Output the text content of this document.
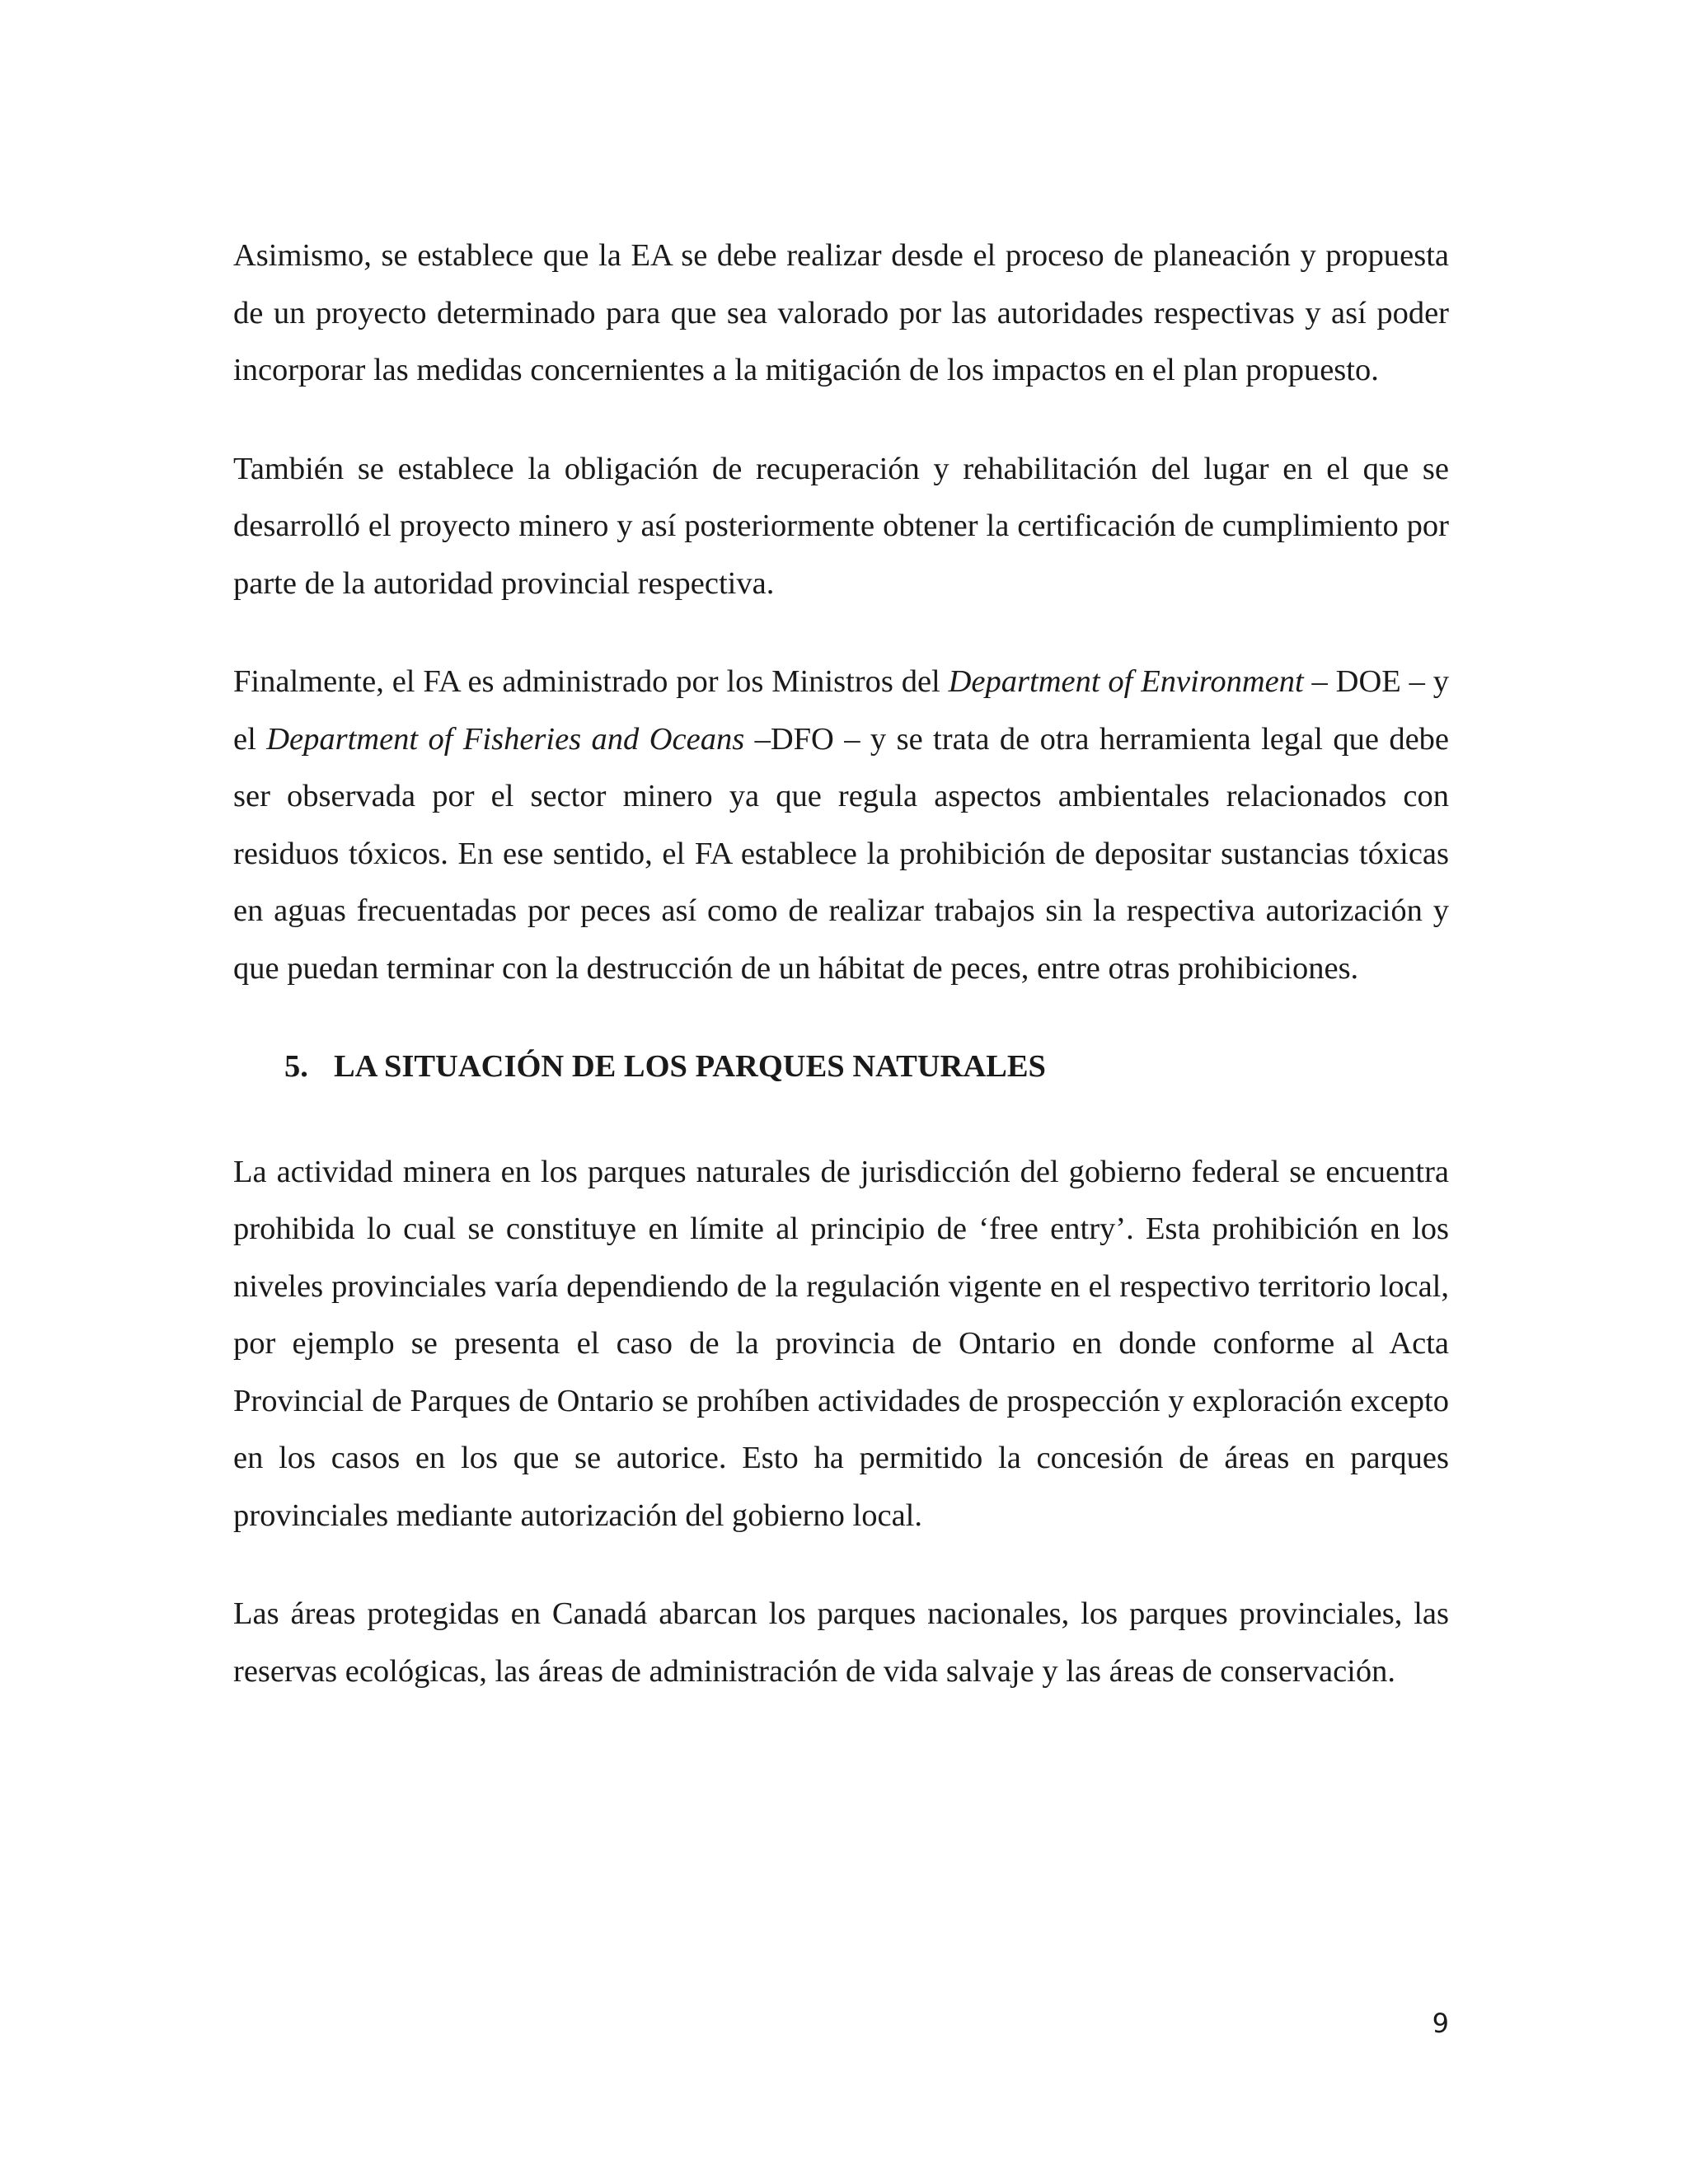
Asimismo, se establece que la EA se debe realizar desde el proceso de planeación y propuesta de un proyecto determinado para que sea valorado por las autoridades respectivas y así poder incorporar las medidas concernientes a la mitigación de los impactos en el plan propuesto.

También se establece la obligación de recuperación y rehabilitación del lugar en el que se desarrolló el proyecto minero y así posteriormente obtener la certificación de cumplimiento por parte de la autoridad provincial respectiva.

Finalmente, el FA es administrado por los Ministros del Department of Environment – DOE – y el Department of Fisheries and Oceans –DFO – y se trata de otra herramienta legal que debe ser observada por el sector minero ya que regula aspectos ambientales relacionados con residuos tóxicos. En ese sentido, el FA establece la prohibición de depositar sustancias tóxicas en aguas frecuentadas por peces así como de realizar trabajos sin la respectiva autorización y que puedan terminar con la destrucción de un hábitat de peces, entre otras prohibiciones.

5. LA SITUACIÓN DE LOS PARQUES NATURALES

La actividad minera en los parques naturales de jurisdicción del gobierno federal se encuentra prohibida lo cual se constituye en límite al principio de ‘free entry’. Esta prohibición en los niveles provinciales varía dependiendo de la regulación vigente en el respectivo territorio local, por ejemplo se presenta el caso de la provincia de Ontario en donde conforme al Acta Provincial de Parques de Ontario se prohíben actividades de prospección y exploración excepto en los casos en los que se autorice. Esto ha permitido la concesión de áreas en parques provinciales mediante autorización del gobierno local.

Las áreas protegidas en Canadá abarcan los parques nacionales, los parques provinciales, las reservas ecológicas, las áreas de administración de vida salvaje y las áreas de conservación.

9
